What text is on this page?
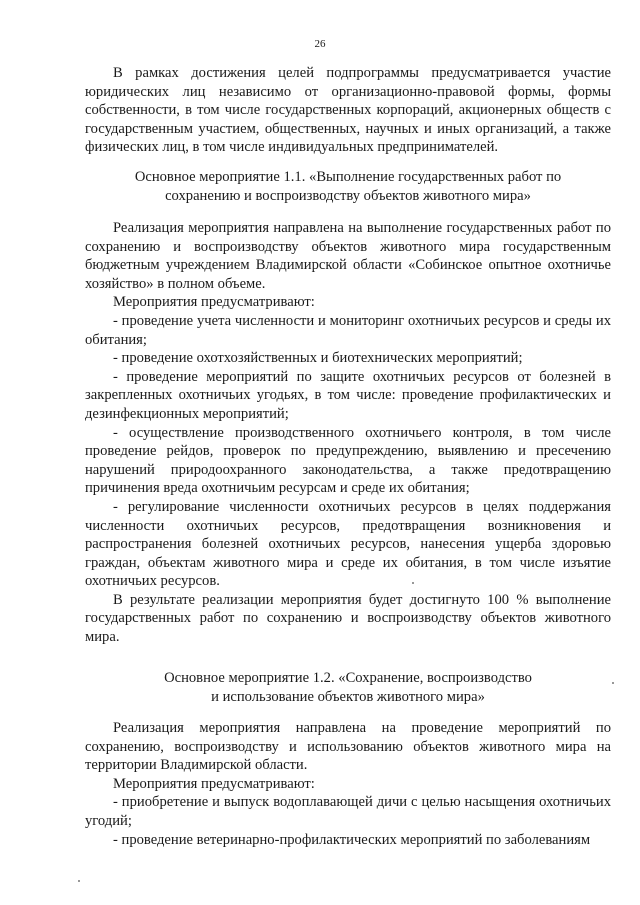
26

В рамках достижения целей подпрограммы предусматривается участие юридических лиц независимо от организационно-правовой формы, формы собственности, в том числе государственных корпораций, акционерных обществ с государственным участием, общественных, научных и иных организаций, а также физических лиц, в том числе индивидуальных предпринимателей.

Основное мероприятие 1.1. «Выполнение государственных работ по
сохранению и воспроизводству объектов животного мира»

Реализация мероприятия направлена на выполнение государственных работ по сохранению и воспроизводству объектов животного мира государственным бюджетным учреждением Владимирской области «Собинское опытное охотничье хозяйство» в полном объеме.

Мероприятия предусматривают:

- проведение учета численности и мониторинг охотничьих ресурсов и среды их обитания;

- проведение охотхозяйственных и биотехнических мероприятий;

- проведение мероприятий по защите охотничьих ресурсов от болезней в закрепленных охотничьих угодьях, в том числе: проведение профилактических и дезинфекционных мероприятий;

- осуществление производственного охотничьего контроля, в том числе проведение рейдов, проверок по предупреждению, выявлению и пресечению нарушений природоохранного законодательства, а также предотвращению причинения вреда охотничьим ресурсам и среде их обитания;

- регулирование численности охотничьих ресурсов в целях поддержания численности охотничьих ресурсов, предотвращения возникновения и распространения болезней охотничьих ресурсов, нанесения ущерба здоровью граждан, объектам животного мира и среде их обитания, в том числе изъятие охотничьих ресурсов.

В результате реализации мероприятия будет достигнуто 100 % выполнение государственных работ по сохранению и воспроизводству объектов животного мира.

Основное мероприятие 1.2. «Сохранение, воспроизводство
и использование объектов животного мира»

Реализация мероприятия направлена на проведение мероприятий по сохранению, воспроизводству и использованию объектов животного мира на территории Владимирской области.

Мероприятия предусматривают:

- приобретение и выпуск водоплавающей дичи с целью насыщения охотничьих угодий;

- проведение ветеринарно-профилактических мероприятий по заболеваниям
